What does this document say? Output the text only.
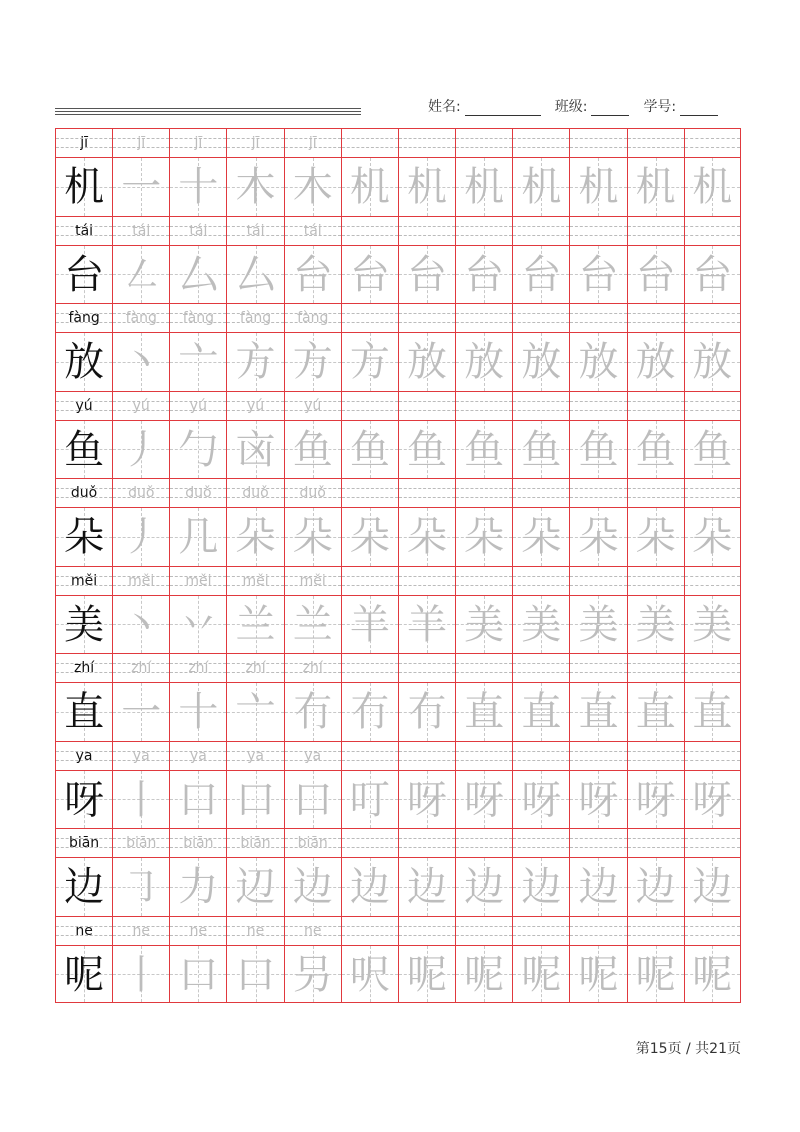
姓名:	班级:	学号:
jī	jī	jī	jī	jī
机 一 十 木 木 机 机 机 机 机 机 机
tái	tái	tái	tái	tái
台 ㇜ 厶 厶 台 台 台 台 台 台 台 台
fàng	fàng	fàng	fàng	fàng
放 丶 亠 方 方 方 放 放 放 放 放 放
yú	yú	yú	yú	yú
鱼 丿 勹 㐫 鱼 鱼 鱼 鱼 鱼 鱼 鱼 鱼
duǒ	duǒ	duǒ	duǒ	duǒ
朵 丿 几 朵 朵 朵 朵 朵 朵 朵 朵 朵
měi	měi	měi	měi	měi
美 丶 丷 兰 兰 羊 羊 美 美 美 美 美
zhí	zhí	zhí	zhí	zhí
直 一 十 亠 冇 冇 冇 直 直 直 直 直
ya	ya	ya	ya	ya
呀 丨 口 口 口 叮 呀 呀 呀 呀 呀 呀
biān	biān	biān	biān	biān
边 ㇆ 力 辺 边 边 边 边 边 边 边 边
ne	ne	ne	ne	ne
呢 丨 口 口 叧 呎 呢 呢 呢 呢 呢 呢
第15页 / 共21页
